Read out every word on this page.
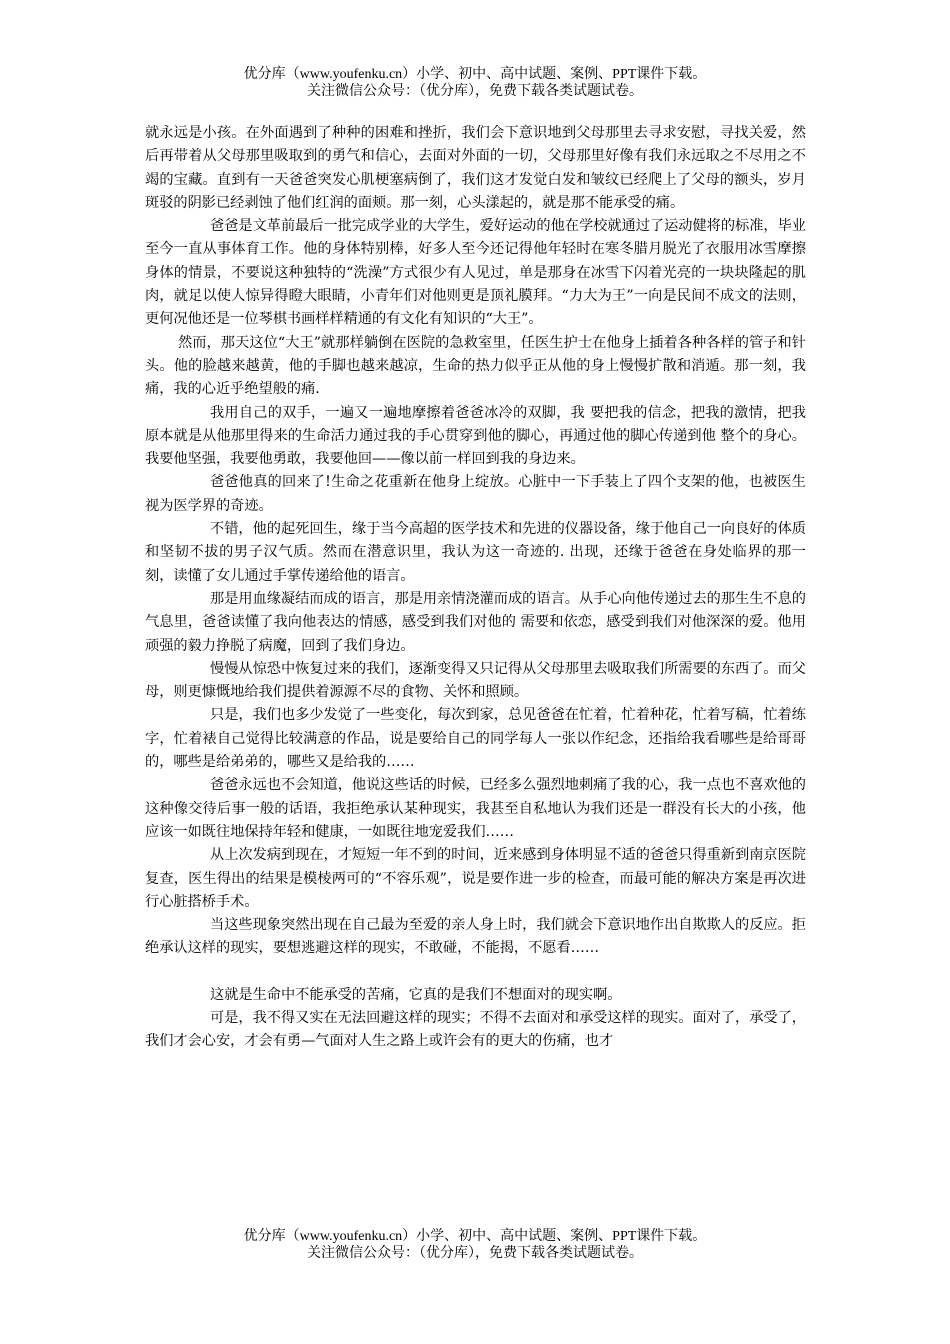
优分库（www.youfenku.cn）小学、初中、高中试题、案例、PPT课件下载。
关注微信公众号：（优分库），免费下载各类试题试卷。

就永远是小孩。在外面遇到了种种的困难和挫折，我们会下意识地到父母那里去寻求安慰，寻找关爱，然后再带着从父母那里吸取到的勇气和信心，去面对外面的一切，父母那里好像有我们永远取之不尽用之不竭的宝藏。直到有一天爸爸突发心肌梗塞病倒了，我们这才发觉白发和皱纹已经爬上了父母的额头，岁月斑驳的阴影已经剥蚀了他们红润的面颊。那一刻，心头漾起的，就是那不能承受的痛。

爸爸是文革前最后一批完成学业的大学生，爱好运动的他在学校就通过了运动健将的标准，毕业至今一直从事体育工作。他的身体特别棒，好多人至今还记得他年轻时在寒冬腊月脱光了衣服用冰雪摩擦身体的情景，不要说这种独特的“洗澡”方式很少有人见过，单是那身在冰雪下闪着光亮的一块块隆起的肌肉，就足以使人惊异得瞪大眼睛，小青年们对他则更是顶礼膜拜。“力大为王”一向是民间不成文的法则，更何况他还是一位琴棋书画样样精通的有文化有知识的“大王”。

然而，那天这位“大王”就那样躺倒在医院的急救室里，任医生护士在他身上插着各种各样的管子和针头。他的脸越来越黄，他的手脚也越来越凉，生命的热力似乎正从他的身上慢慢扩散和消遁。那一刻，我痛，我的心近乎绝望般的痛.

我用自己的双手，一遍又一遍地摩擦着爸爸冰冷的双脚，我 要把我的信念，把我的激情，把我原本就是从他那里得来的生命活力通过我的手心贯穿到他的脚心，再通过他的脚心传递到他 整个的身心。我要他坚强，我要他勇敢，我要他回——像以前一样回到我的身边来。

爸爸他真的回来了!生命之花重新在他身上绽放。心脏中一下手装上了四个支架的他，也被医生视为医学界的奇迹。

不错，他的起死回生，缘于当今高超的医学技术和先进的仪器设备，缘于他自己一向良好的体质和坚韧不拔的男子汉气质。然而在潜意识里，我认为这一奇迹的. 出现，还缘于爸爸在身处临界的那一刻，读懂了女儿通过手掌传递给他的语言。

那是用血缘凝结而成的语言，那是用亲情浇灌而成的语言。从手心向他传递过去的那生生不息的气息里，爸爸读懂了我向他表达的情感，感受到我们对他的 需要和依恋，感受到我们对他深深的爱。他用顽强的毅力挣脱了病魔，回到了我们身边。

慢慢从惊恐中恢复过来的我们，逐渐变得又只记得从父母那里去吸取我们所需要的东西了。而父母，则更慷慨地给我们提供着源源不尽的食物、关怀和照顾。

只是，我们也多少发觉了一些变化，每次到家，总见爸爸在忙着，忙着种花，忙着写稿，忙着练字，忙着裱自己觉得比较满意的作品，说是要给自己的同学每人一张以作纪念，还指给我看哪些是给哥哥的，哪些是给弟弟的，哪些又是给我的……

爸爸永远也不会知道，他说这些话的时候，已经多么强烈地刺痛了我的心，我一点也不喜欢他的这种像交待后事一般的话语，我拒绝承认某种现实，我甚至自私地认为我们还是一群没有长大的小孩，他应该一如既往地保持年轻和健康，一如既往地宠爱我们……

从上次发病到现在，才短短一年不到的时间，近来感到身体明显不适的爸爸只得重新到南京医院复查，医生得出的结果是模棱两可的“不容乐观”，说是要作进一步的检查，而最可能的解决方案是再次进行心脏搭桥手术。

当这些现象突然出现在自己最为至爱的亲人身上时，我们就会下意识地作出自欺欺人的反应。拒绝承认这样的现实，要想逃避这样的现实，不敢碰，不能揭，不愿看……

这就是生命中不能承受的苦痛，它真的是我们不想面对的现实啊。

可是，我不得又实在无法回避这样的现实；不得不去面对和承受这样的现实。面对了，承受了，我们才会心安，才会有勇—气面对人生之路上或许会有的更大的伤痛，也才

优分库（www.youfenku.cn）小学、初中、高中试题、案例、PPT课件下载。
关注微信公众号：（优分库），免费下载各类试题试卷。
